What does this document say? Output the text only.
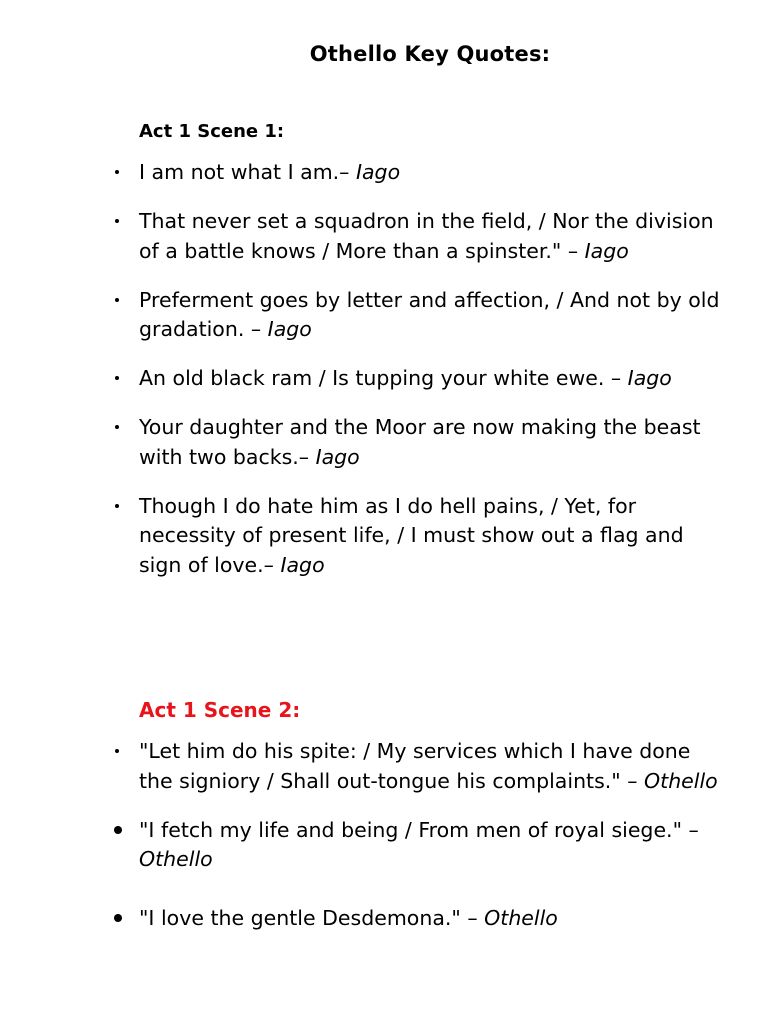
Othello Key Quotes:
Act 1 Scene 1:
I am not what I am.– Iago
That never set a squadron in the field, / Nor the division of a battle knows / More than a spinster." – Iago
Preferment goes by letter and affection, / And not by old gradation. – Iago
An old black ram / Is tupping your white ewe. – Iago
Your daughter and the Moor are now making the beast with two backs.– Iago
Though I do hate him as I do hell pains, / Yet, for necessity of present life, / I must show out a flag and sign of love.– Iago
Act 1 Scene 2:
"Let him do his spite: / My services which I have done the signiory / Shall out-tongue his complaints." – Othello
"I fetch my life and being / From men of royal siege." – Othello
"I love the gentle Desdemona." – Othello
